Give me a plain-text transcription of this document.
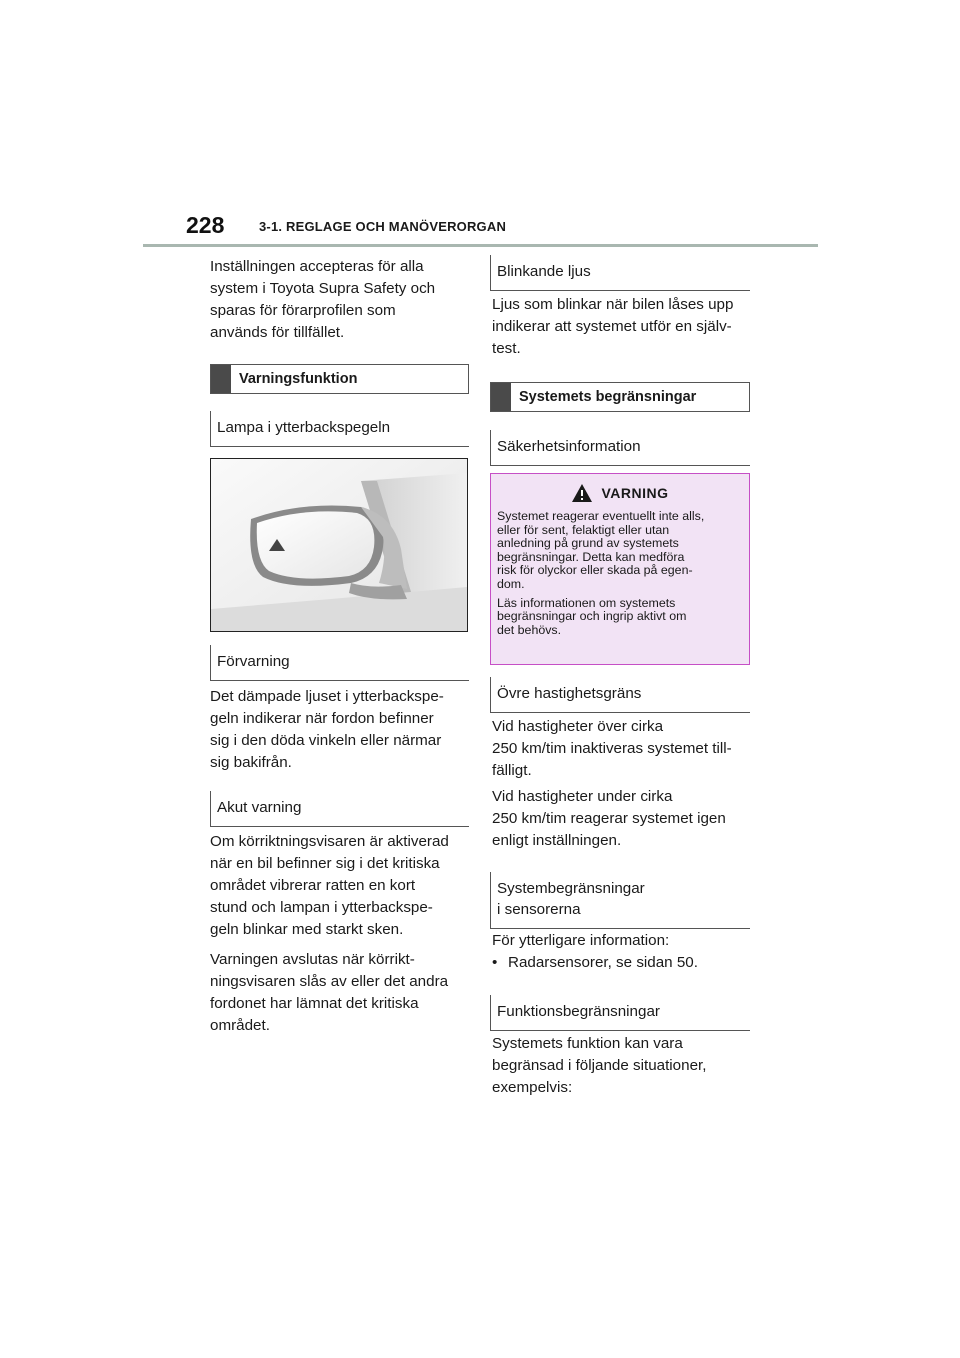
228	3-1. REGLAGE OCH MANÖVERORGAN
Inställningen accepteras för alla
system i Toyota Supra Safety och
sparas för förarprofilen som
används för tillfället.
Varningsfunktion
Lampa i ytterbackspegeln
Förvarning
Det dämpade ljuset i ytterbackspe-
geln indikerar när fordon befinner
sig i den döda vinkeln eller närmar
sig bakifrån.
Akut varning
Om körriktningsvisaren är aktiverad
när en bil befinner sig i det kritiska
området vibrerar ratten en kort
stund och lampan i ytterbackspe-
geln blinkar med starkt sken.
Varningen avslutas när körrikt-
ningsvisaren slås av eller det andra
fordonet har lämnat det kritiska
området.
Blinkande ljus
Ljus som blinkar när bilen låses upp
indikerar att systemet utför en själv-
test.
Systemets begränsningar
Säkerhetsinformation
VARNING

Systemet reagerar eventuellt inte alls,
eller för sent, felaktigt eller utan
anledning på grund av systemets
begränsningar. Detta kan medföra
risk för olyckor eller skada på egen-
dom.

Läs informationen om systemets
begränsningar och ingrip aktivt om
det behövs.

Övre hastighetsgräns
Vid hastigheter över cirka
250 km/tim inaktiveras systemet till-
fälligt.
Vid hastigheter under cirka
250 km/tim reagerar systemet igen
enligt inställningen.
Systembegränsningar
i sensorerna
För ytterligare information:
• Radarsensorer, se sidan 50.
Funktionsbegränsningar
Systemets funktion kan vara
begränsad i följande situationer,
exempelvis:
